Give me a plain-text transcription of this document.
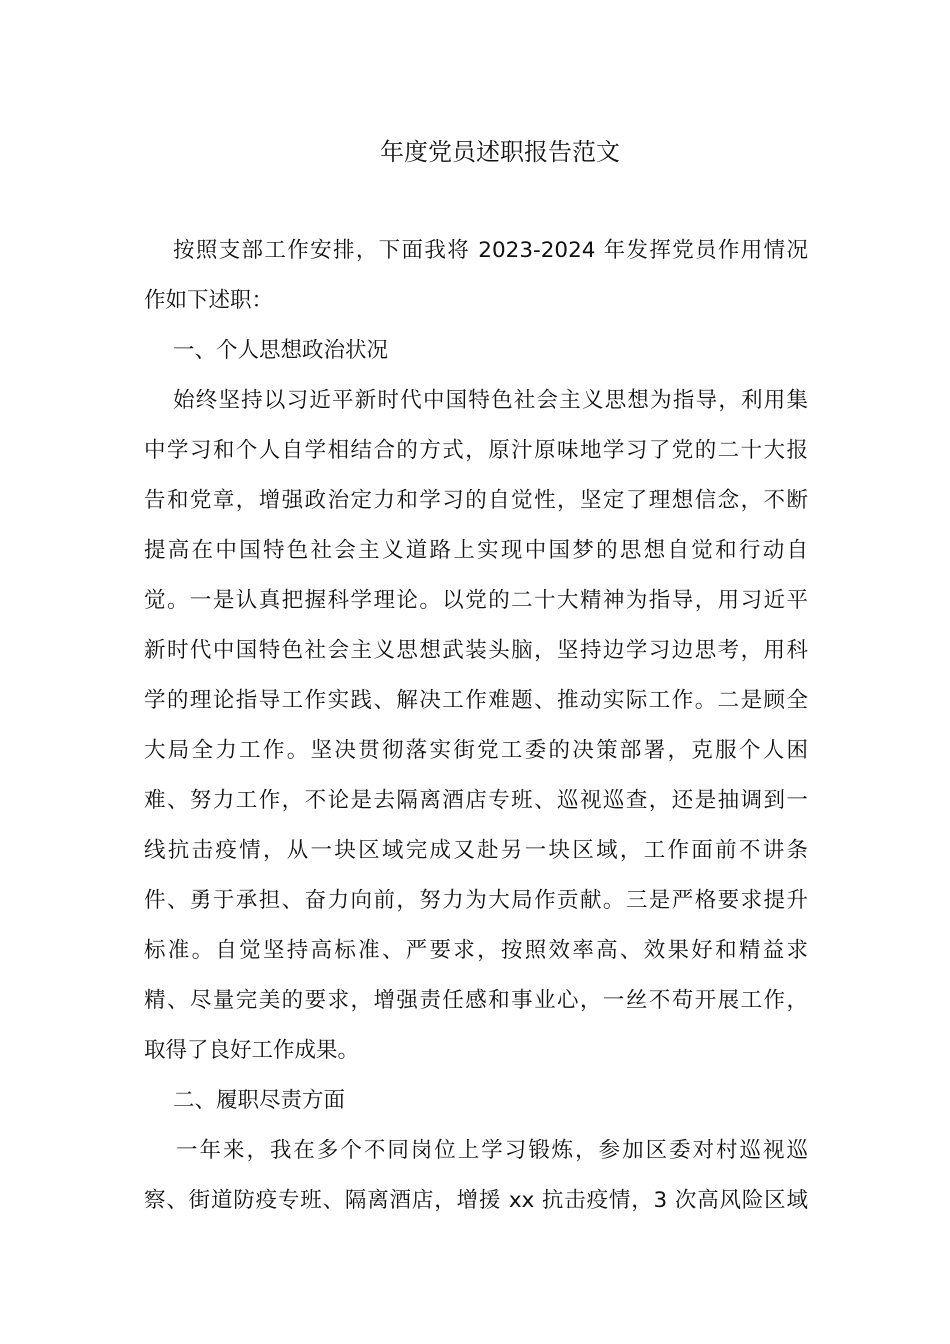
年度党员述职报告范文
按照支部工作安排，下面我将 2023-2024 年发挥党员作用情况
作如下述职：
一、个人思想政治状况
始终坚持以习近平新时代中国特色社会主义思想为指导，利用集
中学习和个人自学相结合的方式，原汁原味地学习了党的二十大报
告和党章，增强政治定力和学习的自觉性，坚定了理想信念，不断
提高在中国特色社会主义道路上实现中国梦的思想自觉和行动自
觉。一是认真把握科学理论。以党的二十大精神为指导，用习近平
新时代中国特色社会主义思想武装头脑，坚持边学习边思考，用科
学的理论指导工作实践、解决工作难题、推动实际工作。二是顾全
大局全力工作。坚决贯彻落实街党工委的决策部署，克服个人困
难、努力工作，不论是去隔离酒店专班、巡视巡查，还是抽调到一
线抗击疫情，从一块区域完成又赴另一块区域，工作面前不讲条
件、勇于承担、奋力向前，努力为大局作贡献。三是严格要求提升
标准。自觉坚持高标准、严要求，按照效率高、效果好和精益求
精、尽量完美的要求，增强责任感和事业心，一丝不苟开展工作，
取得了良好工作成果。
二、履职尽责方面
一年来，我在多个不同岗位上学习锻炼，参加区委对村巡视巡
察、街道防疫专班、隔离酒店，增援 xx 抗击疫情，3 次高风险区域
